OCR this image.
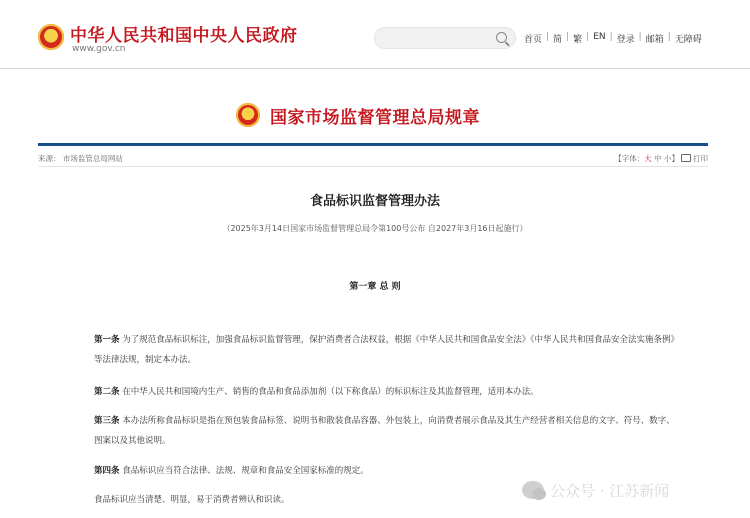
★
中华人民共和国中央人民政府
www.gov.cn
首页 | 简 | 繁 | EN | 登录 | 邮箱 | 无障碍
★
国家市场监督管理总局规章
来源： 市场监管总局网站	【字体：大 中 小】 打印
食品标识监督管理办法
（2025年3月14日国家市场监督管理总局令第100号公布 自2027年3月16日起施行）
第一章 总 则
第一条 为了规范食品标识标注，加强食品标识监督管理，保护消费者合法权益，根据《中华人民共和国食品安全法》《中华人民共和国食品安全法实施条例》等法律法规，制定本办法。
第二条 在中华人民共和国境内生产、销售的食品和食品添加剂（以下称食品）的标识标注及其监督管理，适用本办法。
第三条 本办法所称食品标识是指在预包装食品标签、说明书和散装食品容器、外包装上，向消费者展示食品及其生产经营者相关信息的文字、符号、数字、图案以及其他说明。
第四条 食品标识应当符合法律、法规、规章和食品安全国家标准的规定。
食品标识应当清楚、明显，易于消费者辨认和识读。
公众号 · 江苏新闻
